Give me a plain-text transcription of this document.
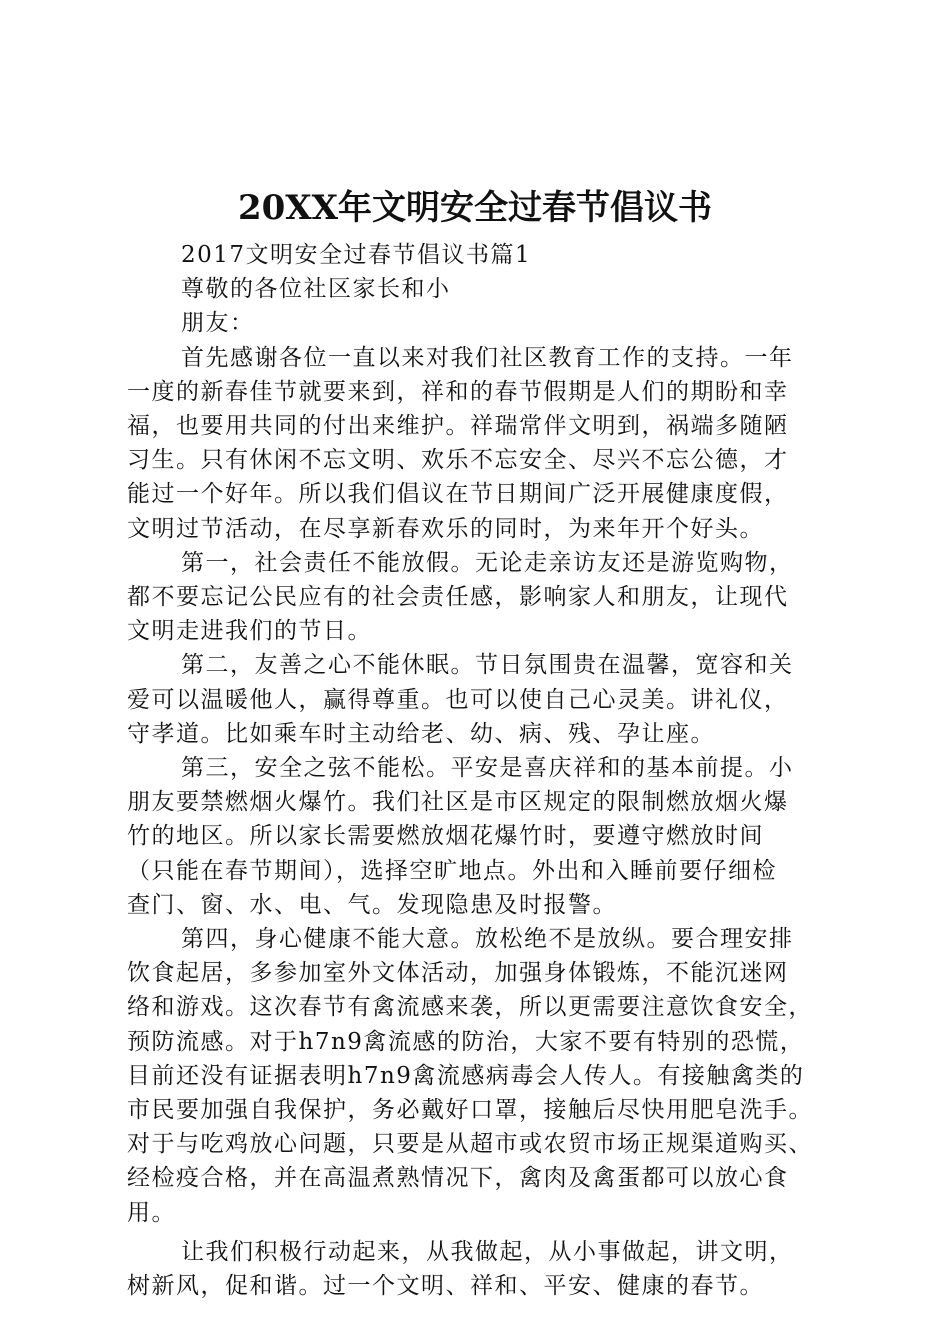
20XX年文明安全过春节倡议书
2017文明安全过春节倡议书篇1
尊敬的各位社区家长和小
朋友：
首先感谢各位一直以来对我们社区教育工作的支持。一年
一度的新春佳节就要来到，祥和的春节假期是人们的期盼和幸
福，也要用共同的付出来维护。祥瑞常伴文明到，祸端多随陋
习生。只有休闲不忘文明、欢乐不忘安全、尽兴不忘公德，才
能过一个好年。所以我们倡议在节日期间广泛开展健康度假，
文明过节活动，在尽享新春欢乐的同时，为来年开个好头。
第一，社会责任不能放假。无论走亲访友还是游览购物，
都不要忘记公民应有的社会责任感，影响家人和朋友，让现代
文明走进我们的节日。
第二，友善之心不能休眠。节日氛围贵在温馨，宽容和关
爱可以温暖他人，赢得尊重。也可以使自己心灵美。讲礼仪，
守孝道。比如乘车时主动给老、幼、病、残、孕让座。
第三，安全之弦不能松。平安是喜庆祥和的基本前提。小
朋友要禁燃烟火爆竹。我们社区是市区规定的限制燃放烟火爆
竹的地区。所以家长需要燃放烟花爆竹时，要遵守燃放时间
（只能在春节期间），选择空旷地点。外出和入睡前要仔细检
查门、窗、水、电、气。发现隐患及时报警。
第四，身心健康不能大意。放松绝不是放纵。要合理安排
饮食起居，多参加室外文体活动，加强身体锻炼，不能沉迷网
络和游戏。这次春节有禽流感来袭，所以更需要注意饮食安全，
预防流感。对于h7n9禽流感的防治，大家不要有特别的恐慌，
目前还没有证据表明h7n9禽流感病毒会人传人。有接触禽类的
市民要加强自我保护，务必戴好口罩，接触后尽快用肥皂洗手。
对于与吃鸡放心问题，只要是从超市或农贸市场正规渠道购买、
经检疫合格，并在高温煮熟情况下，禽肉及禽蛋都可以放心食
用。
让我们积极行动起来，从我做起，从小事做起，讲文明，
树新风，促和谐。过一个文明、祥和、平安、健康的春节。
